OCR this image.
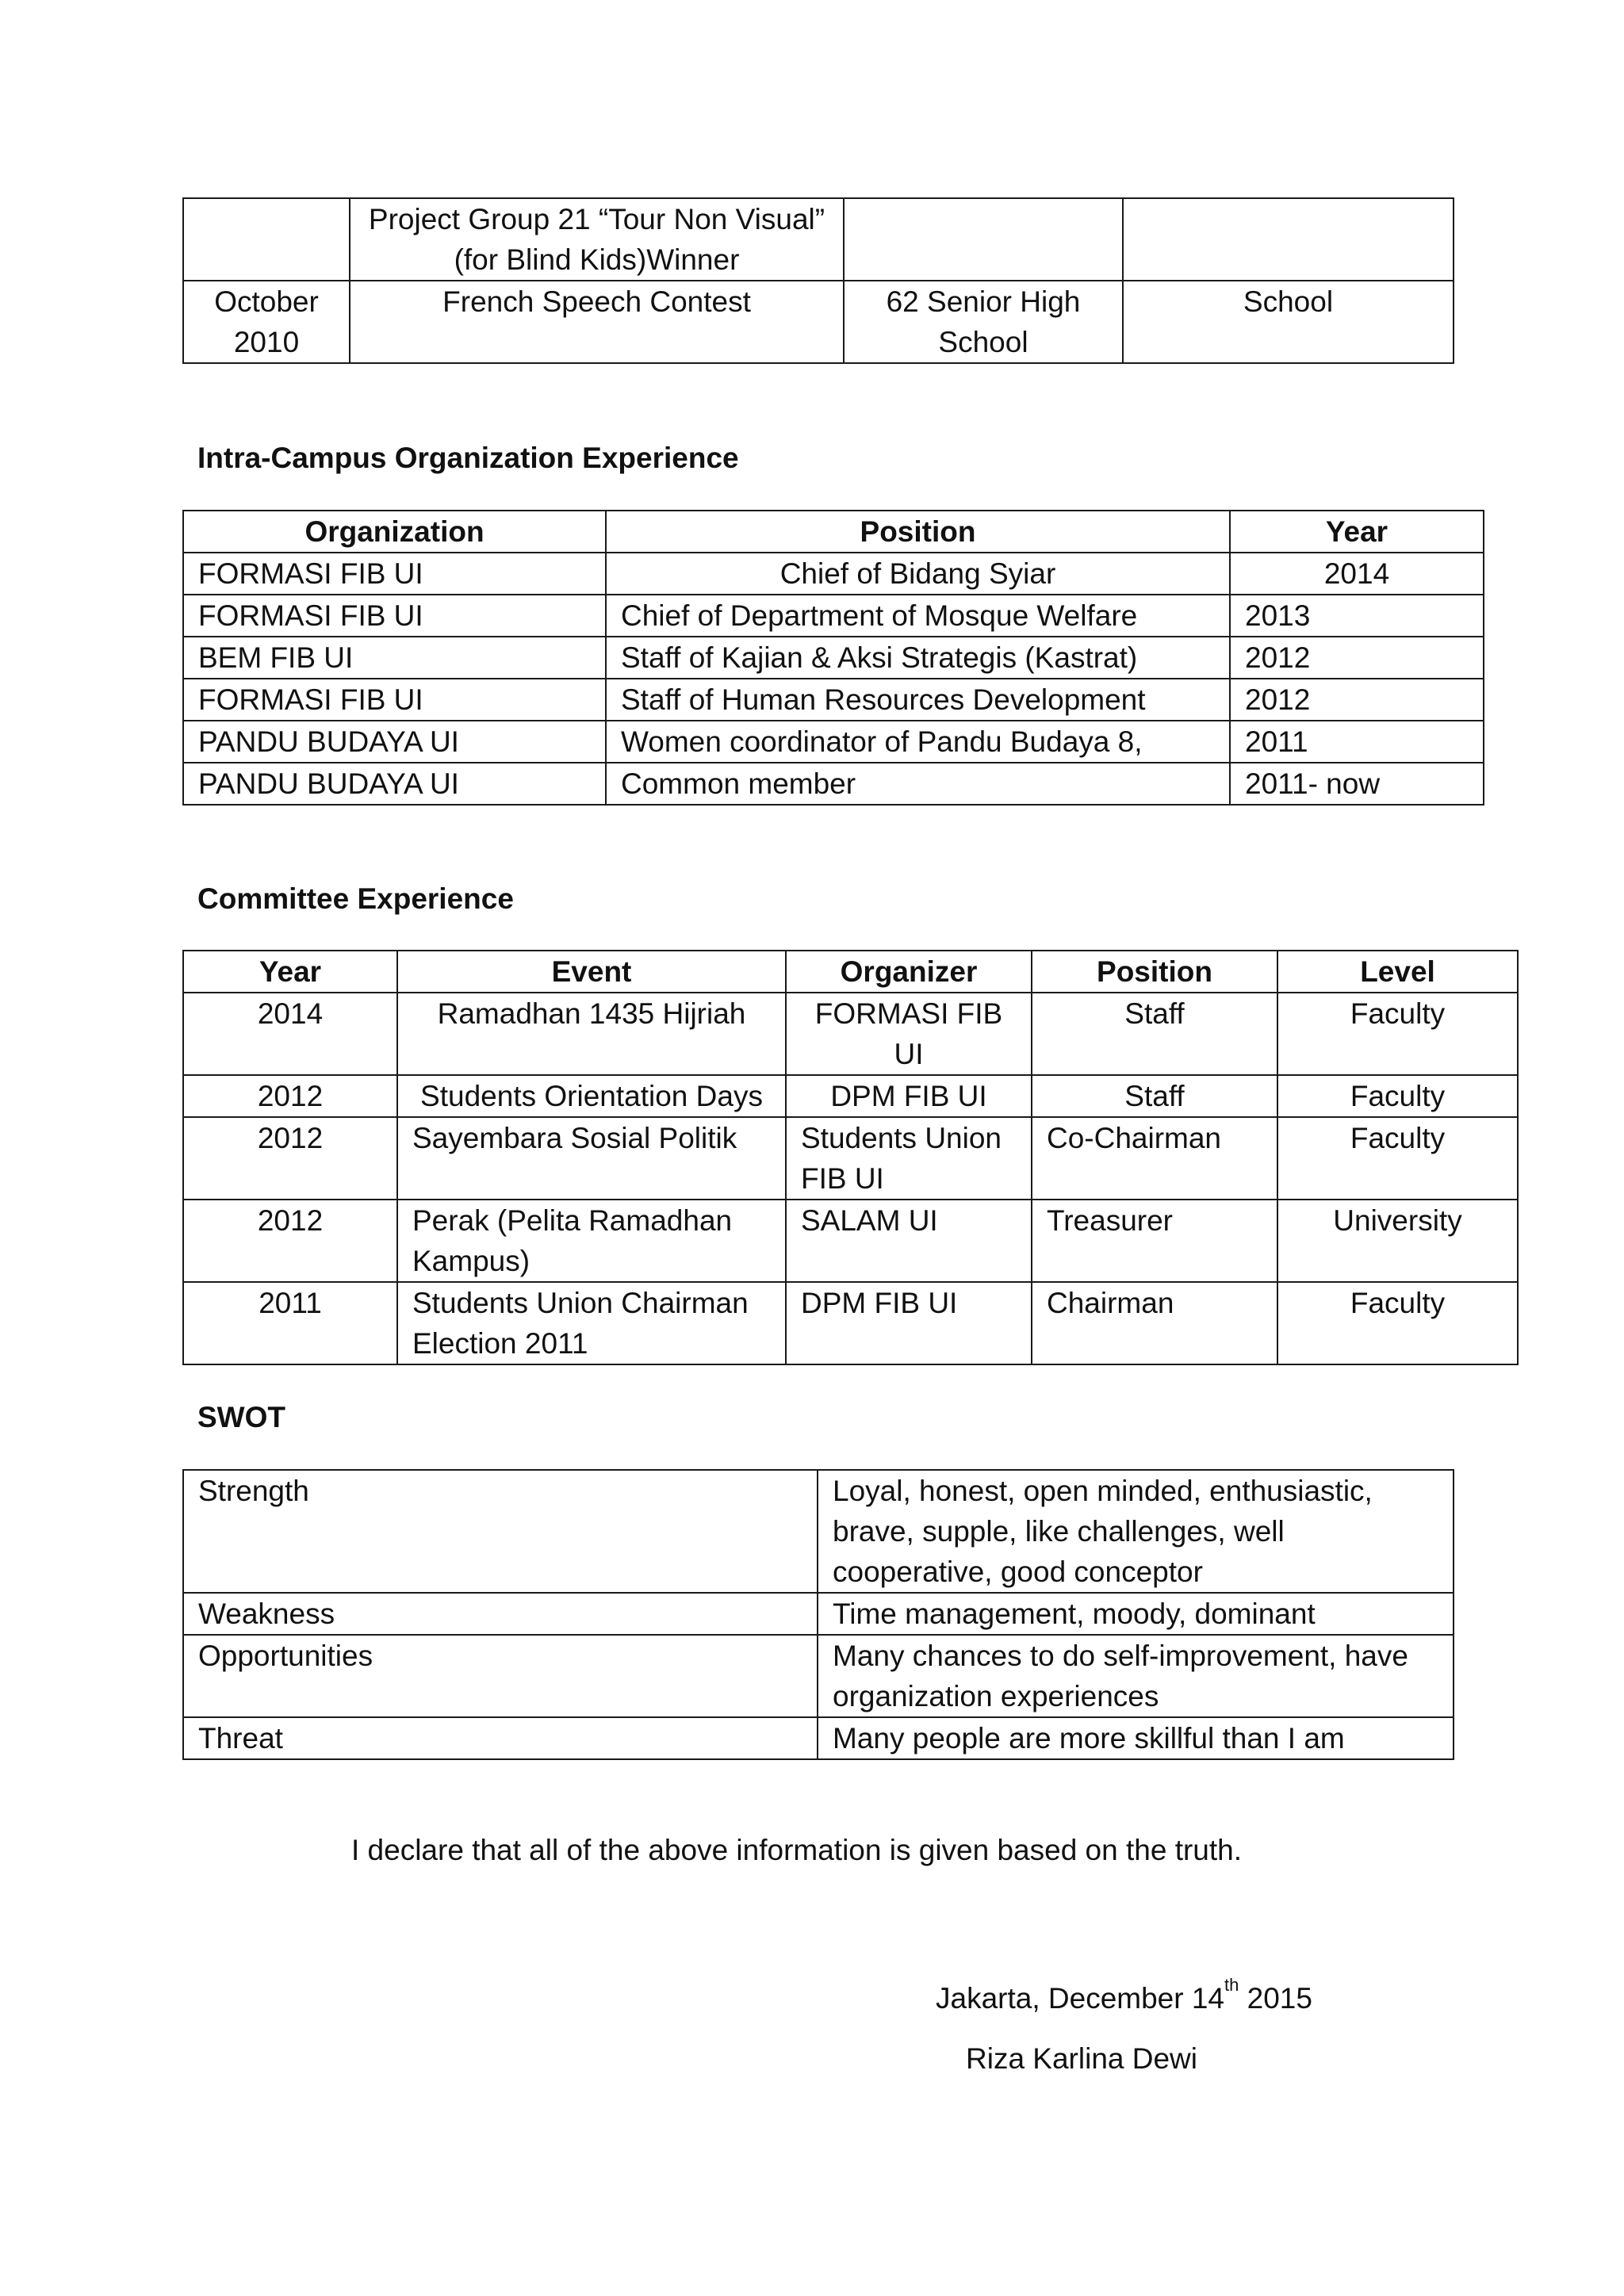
	Project Group 21 “Tour Non Visual” (for Blind Kids)Winner		
October 2010	French Speech Contest	62 Senior High School	School

Intra-Campus Organization Experience

Organization	Position	Year
FORMASI FIB UI	Chief of Bidang Syiar	2014
FORMASI FIB UI	Chief of Department of Mosque Welfare	2013
BEM FIB UI	Staff of Kajian & Aksi Strategis (Kastrat)	2012
FORMASI FIB UI	Staff of Human Resources Development	2012
PANDU BUDAYA UI	Women coordinator of Pandu Budaya 8,	2011
PANDU BUDAYA UI	Common member	2011- now

Committee Experience

Year	Event	Organizer	Position	Level
2014	Ramadhan 1435 Hijriah	FORMASI FIB UI	Staff	Faculty
2012	Students Orientation Days	DPM FIB UI	Staff	Faculty
2012	Sayembara Sosial Politik	Students Union FIB UI	Co-Chairman	Faculty
2012	Perak (Pelita Ramadhan Kampus)	SALAM UI	Treasurer	University
2011	Students Union Chairman Election 2011	DPM FIB UI	Chairman	Faculty

SWOT

Strength	Loyal, honest, open minded, enthusiastic, brave, supple, like challenges, well cooperative, good conceptor
Weakness	Time management, moody, dominant
Opportunities	Many chances to do self-improvement, have organization experiences
Threat	Many people are more skillful than I am

I declare that all of the above information is given based on the truth.

Jakarta, December 14th 2015

Riza Karlina Dewi
